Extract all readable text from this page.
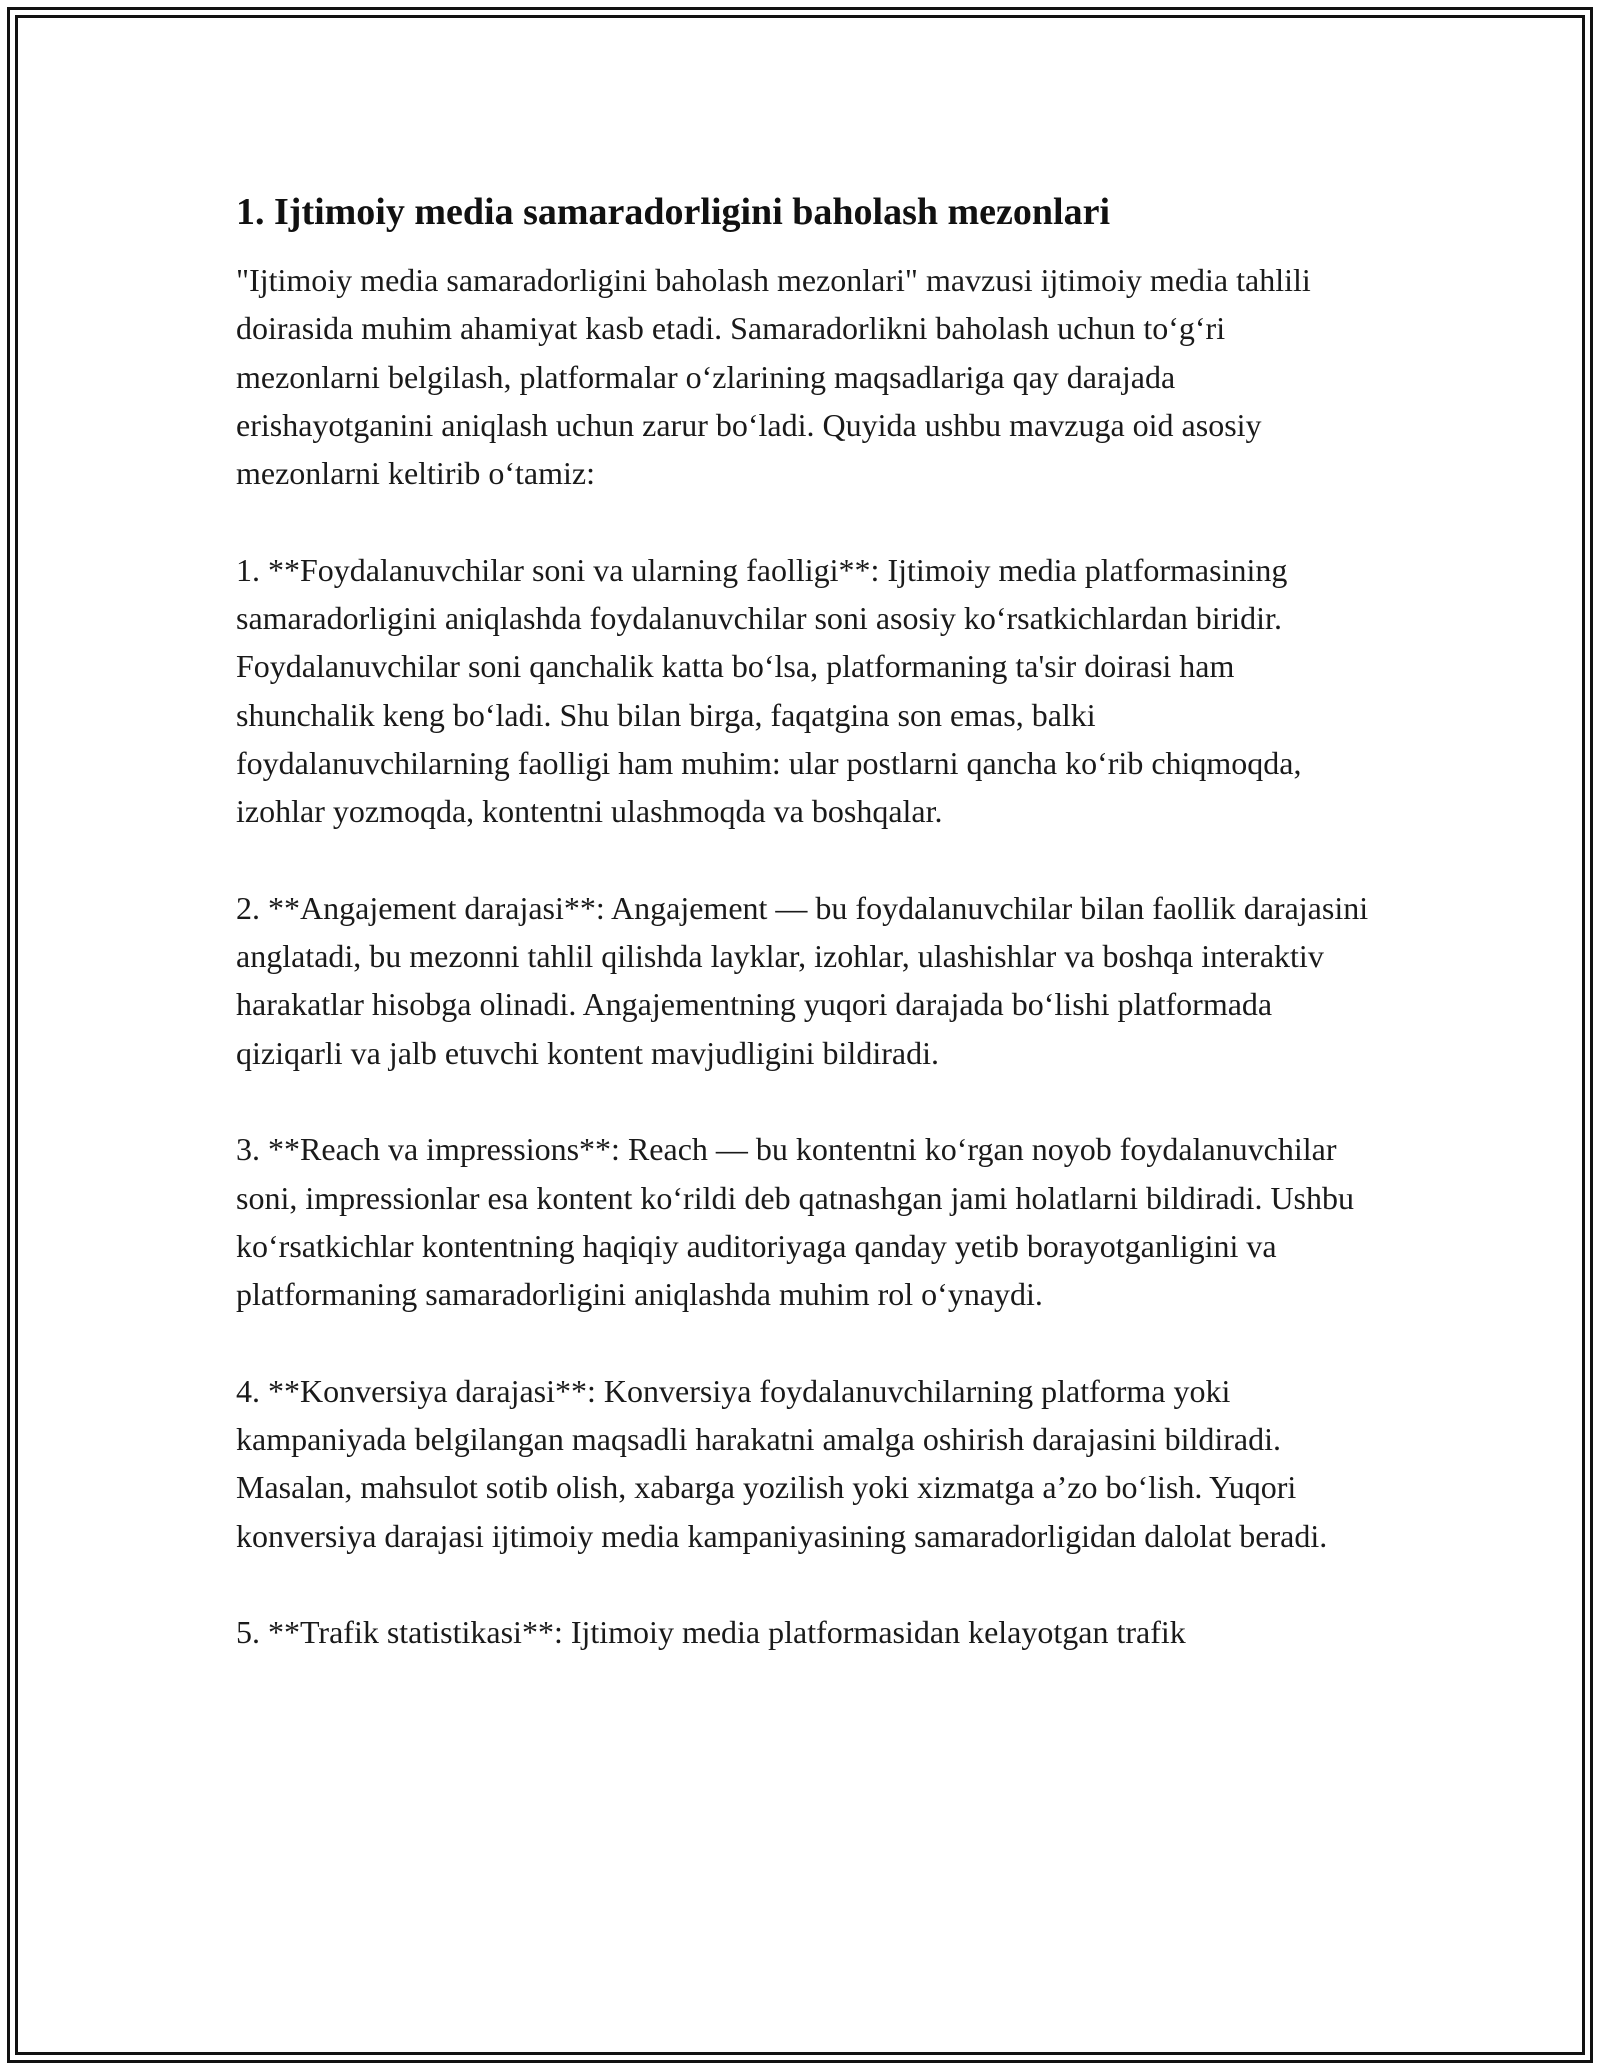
1. Ijtimoiy media samaradorligini baholash mezonlari

"Ijtimoiy media samaradorligini baholash mezonlari" mavzusi ijtimoiy media tahlili doirasida muhim ahamiyat kasb etadi. Samaradorlikni baholash uchun to‘g‘ri mezonlarni belgilash, platformalar o‘zlarining maqsadlariga qay darajada erishayotganini aniqlash uchun zarur bo‘ladi. Quyida ushbu mavzuga oid asosiy mezonlarni keltirib o‘tamiz:

1. **Foydalanuvchilar soni va ularning faolligi**: Ijtimoiy media platformasining samaradorligini aniqlashda foydalanuvchilar soni asosiy ko‘rsatkichlardan biridir. Foydalanuvchilar soni qanchalik katta bo‘lsa, platformaning ta'sir doirasi ham shunchalik keng bo‘ladi. Shu bilan birga, faqatgina son emas, balki foydalanuvchilarning faolligi ham muhim: ular postlarni qancha ko‘rib chiqmoqda, izohlar yozmoqda, kontentni ulashmoqda va boshqalar.

2. **Angajement darajasi**: Angajement — bu foydalanuvchilar bilan faollik darajasini anglatadi, bu mezonni tahlil qilishda layklar, izohlar, ulashishlar va boshqa interaktiv harakatlar hisobga olinadi. Angajementning yuqori darajada bo‘lishi platformada qiziqarli va jalb etuvchi kontent mavjudligini bildiradi.

3. **Reach va impressions**: Reach — bu kontentni ko‘rgan noyob foydalanuvchilar soni, impressionlar esa kontent ko‘rildi deb qatnashgan jami holatlarni bildiradi. Ushbu ko‘rsatkichlar kontentning haqiqiy auditoriyaga qanday yetib borayotganligini va platformaning samaradorligini aniqlashda muhim rol o‘ynaydi.

4. **Konversiya darajasi**: Konversiya foydalanuvchilarning platforma yoki kampaniyada belgilangan maqsadli harakatni amalga oshirish darajasini bildiradi. Masalan, mahsulot sotib olish, xabarga yozilish yoki xizmatga a’zo bo‘lish. Yuqori konversiya darajasi ijtimoiy media kampaniyasining samaradorligidan dalolat beradi.

5. **Trafik statistikasi**: Ijtimoiy media platformasidan kelayotgan trafik
